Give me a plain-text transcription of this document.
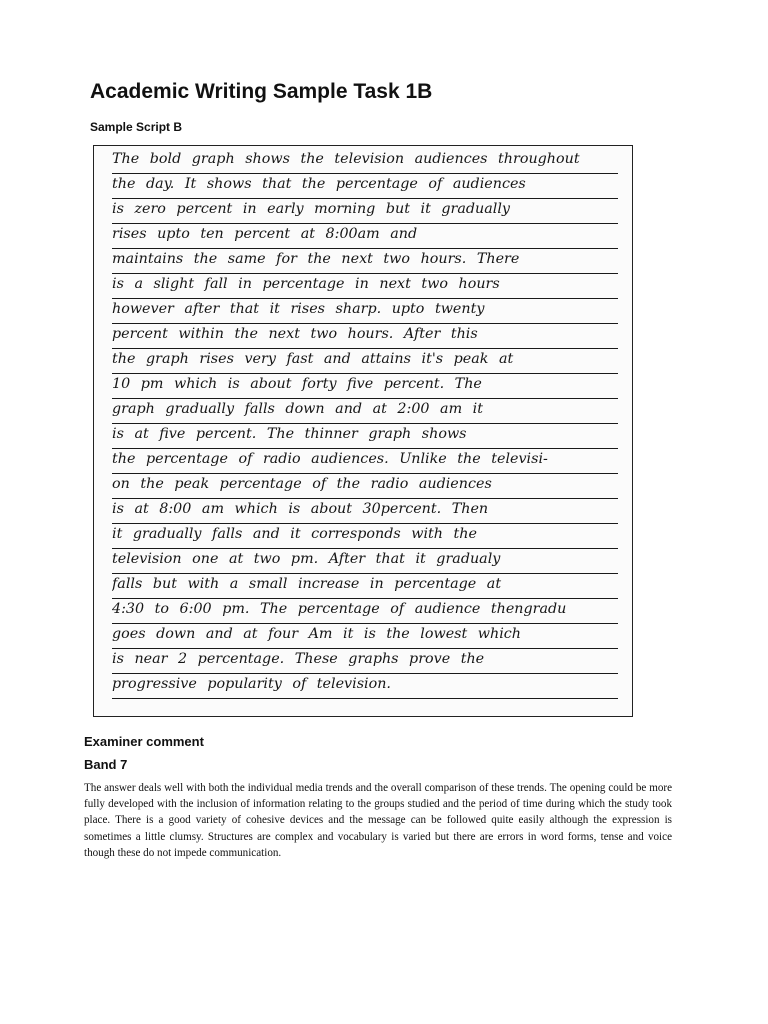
Academic Writing Sample Task 1B
Sample Script B
The bold graph shows the television audiences throughout
the day. It shows that the percentage of audiences
is zero percent in early morning but it gradually
rises upto ten percent at 8:00am and
maintains the same for the next two hours. There
is a slight fall in percentage in next two hours
however after that it rises sharp. upto twenty
percent within the next two hours. After this
the graph rises very fast and attains it's peak at
10 pm which is about forty five percent. The
graph gradually falls down and at 2:00 am it
is at five percent. The thinner graph shows
the percentage of radio audiences. Unlike the televisi-
on the peak percentage of the radio audiences
is at 8:00 am which is about 30percent. Then
it gradually falls and it corresponds with the
television one at two pm. After that it gradualy
falls but with a small increase in percentage at
4:30 to 6:00 pm. The percentage of audience thengradu
goes down and at four Am it is the lowest which
is near 2 percentage. These graphs prove the
progressive popularity of television.
Examiner comment
Band 7

The answer deals well with both the individual media trends and the overall comparison of these trends. The opening could be more fully developed with the inclusion of information relating to the groups studied and the period of time during which the study took place. There is a good variety of cohesive devices and the message can be followed quite easily although the expression is sometimes a little clumsy. Structures are complex and vocabulary is varied but there are errors in word forms, tense and voice though these do not impede communication.
